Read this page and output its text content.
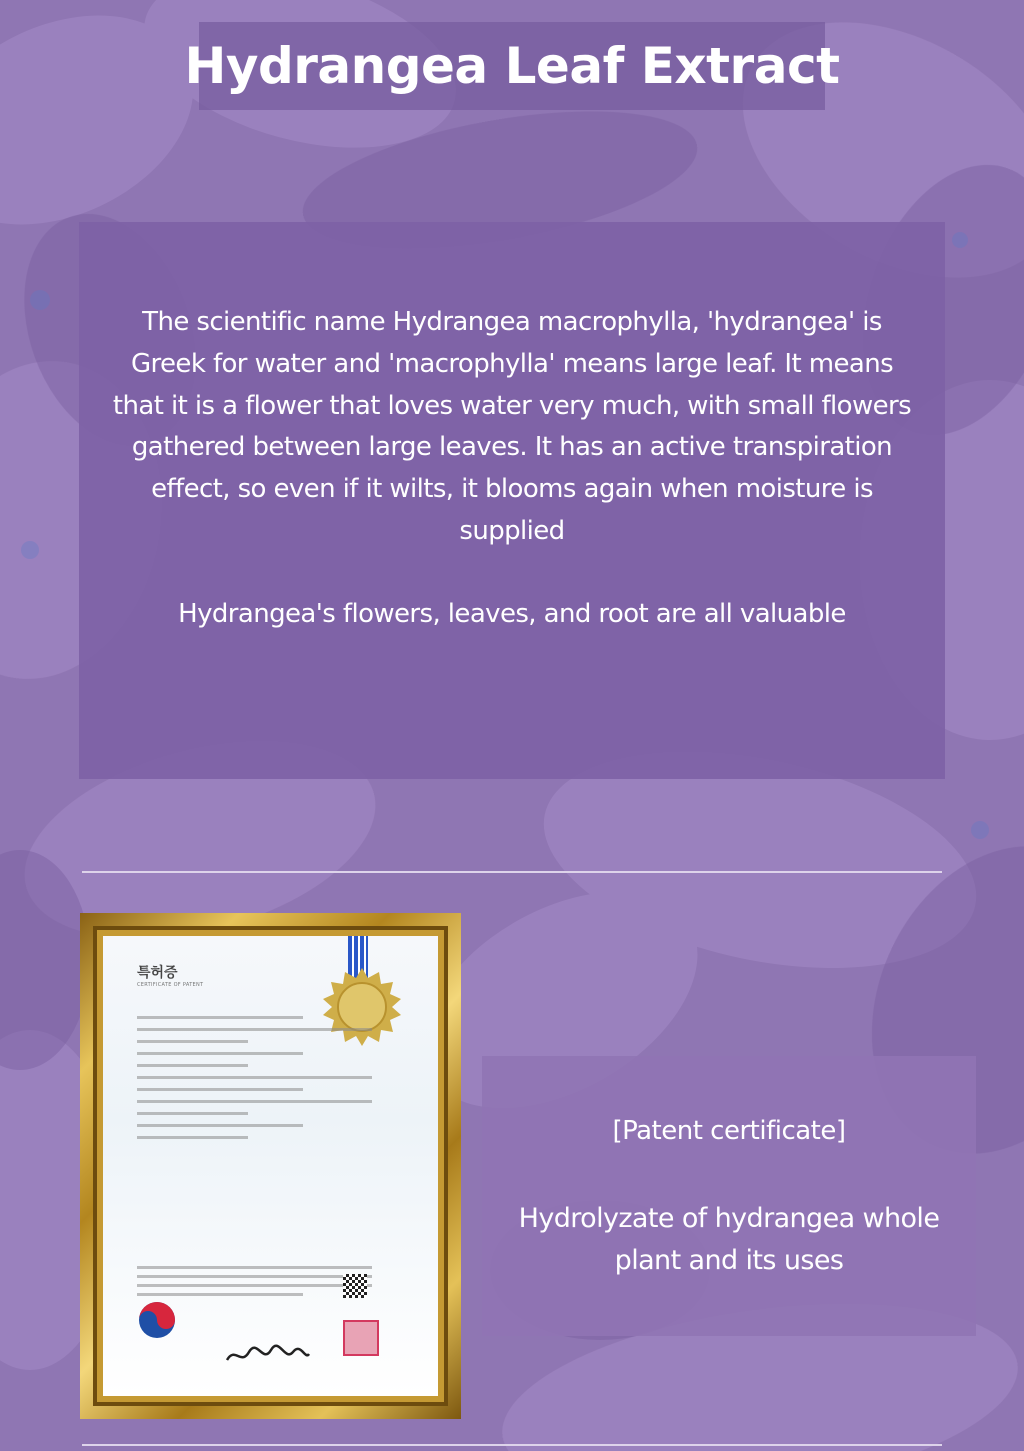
Hydrangea Leaf Extract

The scientific name Hydrangea macrophylla, 'hydrangea' is Greek for water and 'macrophylla' means large leaf. It means that it is a flower that loves water very much, with small flowers gathered between large leaves. It has an active transpiration effect, so even if it wilts, it blooms again when moisture is supplied

Hydrangea's flowers, leaves, and root are all valuable

특허증
CERTIFICATE OF PATENT

[Patent certificate]

Hydrolyzate of hydrangea whole plant and its uses
